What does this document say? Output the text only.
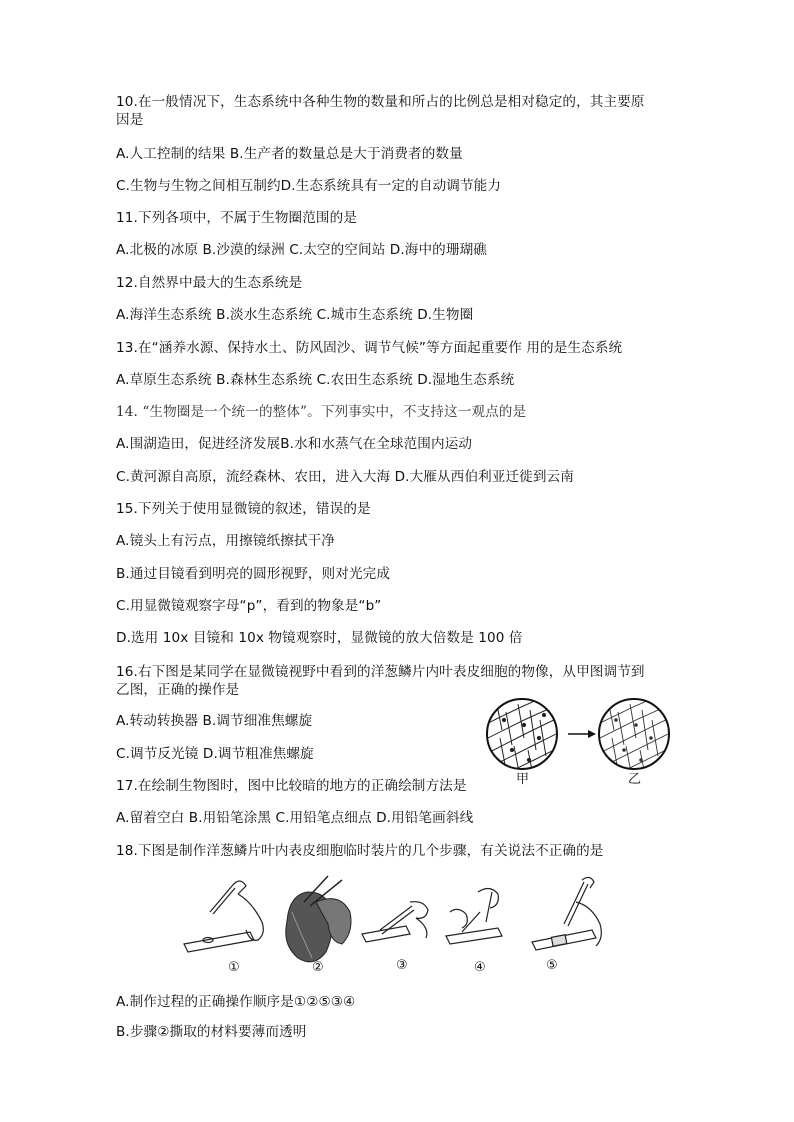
10.在一般情况下，生态系统中各种生物的数量和所占的比例总是相对稳定的，其主要原
因是
A.人工控制的结果 B.生产者的数量总是大于消费者的数量
C.生物与生物之间相互制约D.生态系统具有一定的自动调节能力
11.下列各项中，不属于生物圈范围的是
A.北极的冰原 B.沙漠的绿洲 C.太空的空间站 D.海中的珊瑚礁
12.自然界中最大的生态系统是
A.海洋生态系统 B.淡水生态系统 C.城市生态系统 D.生物圈
13.在“涵养水源、保持水土、防风固沙、调节气候”等方面起重要作 用的是生态系统
A.草原生态系统 B.森林生态系统 C.农田生态系统 D.湿地生态系统
14. “生物圈是一个统一的整体”。下列事实中，不支持这一观点的是
A.围湖造田，促进经济发展B.水和水蒸气在全球范围内运动
C.黄河源自高原，流经森林、农田，进入大海 D.大雁从西伯利亚迁徙到云南
15.下列关于使用显微镜的叙述，错误的是
A.镜头上有污点，用擦镜纸擦拭干净
B.通过目镜看到明亮的圆形视野，则对光完成
C.用显微镜观察字母“p”，看到的物象是“b”
D.选用 10x 目镜和 10x 物镜观察时，显微镜的放大倍数是 100 倍
16.右下图是某同学在显微镜视野中看到的洋葱鳞片内叶表皮细胞的物像，从甲图调节到
乙图，正确的操作是
A.转动转换器 B.调节细准焦螺旋
C.调节反光镜 D.调节粗准焦螺旋
17.在绘制生物图时，图中比较暗的地方的正确绘制方法是
A.留着空白 B.用铅笔涂黑 C.用铅笔点细点 D.用铅笔画斜线
18.下图是制作洋葱鳞片叶内表皮细胞临时装片的几个步骤，有关说法不正确的是
A.制作过程的正确操作顺序是①②⑤③④
B.步骤②撕取的材料要薄而透明
甲	乙
①	②	③	④	⑤
